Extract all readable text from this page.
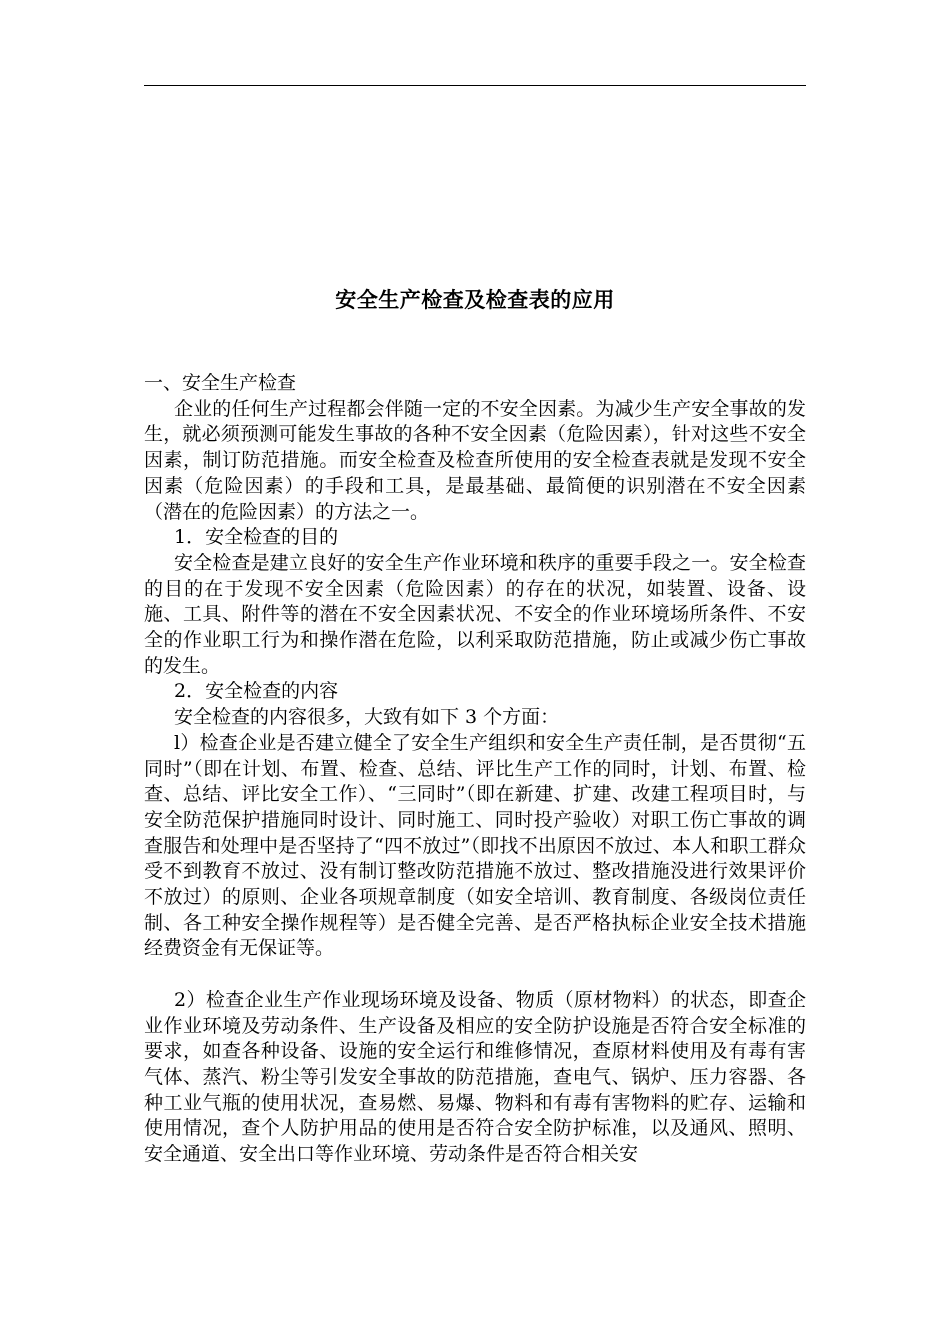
安全生产检查及检查表的应用

一、安全生产检查

企业的任何生产过程都会伴随一定的不安全因素。为减少生产安全事故的发生，就必须预测可能发生事故的各种不安全因素（危险因素），针对这些不安全因素，制订防范措施。而安全检查及检查所使用的安全检查表就是发现不安全因素（危险因素）的手段和工具，是最基础、最简便的识别潜在不安全因素（潜在的危险因素）的方法之一。

1．安全检查的目的

安全检查是建立良好的安全生产作业环境和秩序的重要手段之一。安全检查的目的在于发现不安全因素（危险因素）的存在的状况，如装置、设备、设施、工具、附件等的潜在不安全因素状况、不安全的作业环境场所条件、不安全的作业职工行为和操作潜在危险，以利采取防范措施，防止或减少伤亡事故的发生。

2．安全检查的内容

安全检查的内容很多，大致有如下 3 个方面：

l）检查企业是否建立健全了安全生产组织和安全生产责任制，是否贯彻“五同时”（即在计划、布置、检查、总结、评比生产工作的同时，计划、布置、检查、总结、评比安全工作）、“三同时”（即在新建、扩建、改建工程项目时，与安全防范保护措施同时设计、同时施工、同时投产验收）对职工伤亡事故的调查服告和处理中是否坚持了“四不放过”（即找不出原因不放过、本人和职工群众受不到教育不放过、没有制订整改防范措施不放过、整改措施没进行效果评价不放过）的原则、企业各项规章制度（如安全培训、教育制度、各级岗位责任制、各工种安全操作规程等）是否健全完善、是否严格执标企业安全技术措施经费资金有无保证等。

2）检查企业生产作业现场环境及设备、物质（原材物料）的状态，即查企业作业环境及劳动条件、生产设备及相应的安全防护设施是否符合安全标准的要求，如查各种设备、设施的安全运行和维修情况，查原材料使用及有毒有害气体、蒸汽、粉尘等引发安全事故的防范措施，查电气、锅炉、压力容器、各种工业气瓶的使用状况，查易燃、易爆、物料和有毒有害物料的贮存、运输和使用情况，查个人防护用品的使用是否符合安全防护标准，以及通风、照明、安全通道、安全出口等作业环境、劳动条件是否符合相关安
